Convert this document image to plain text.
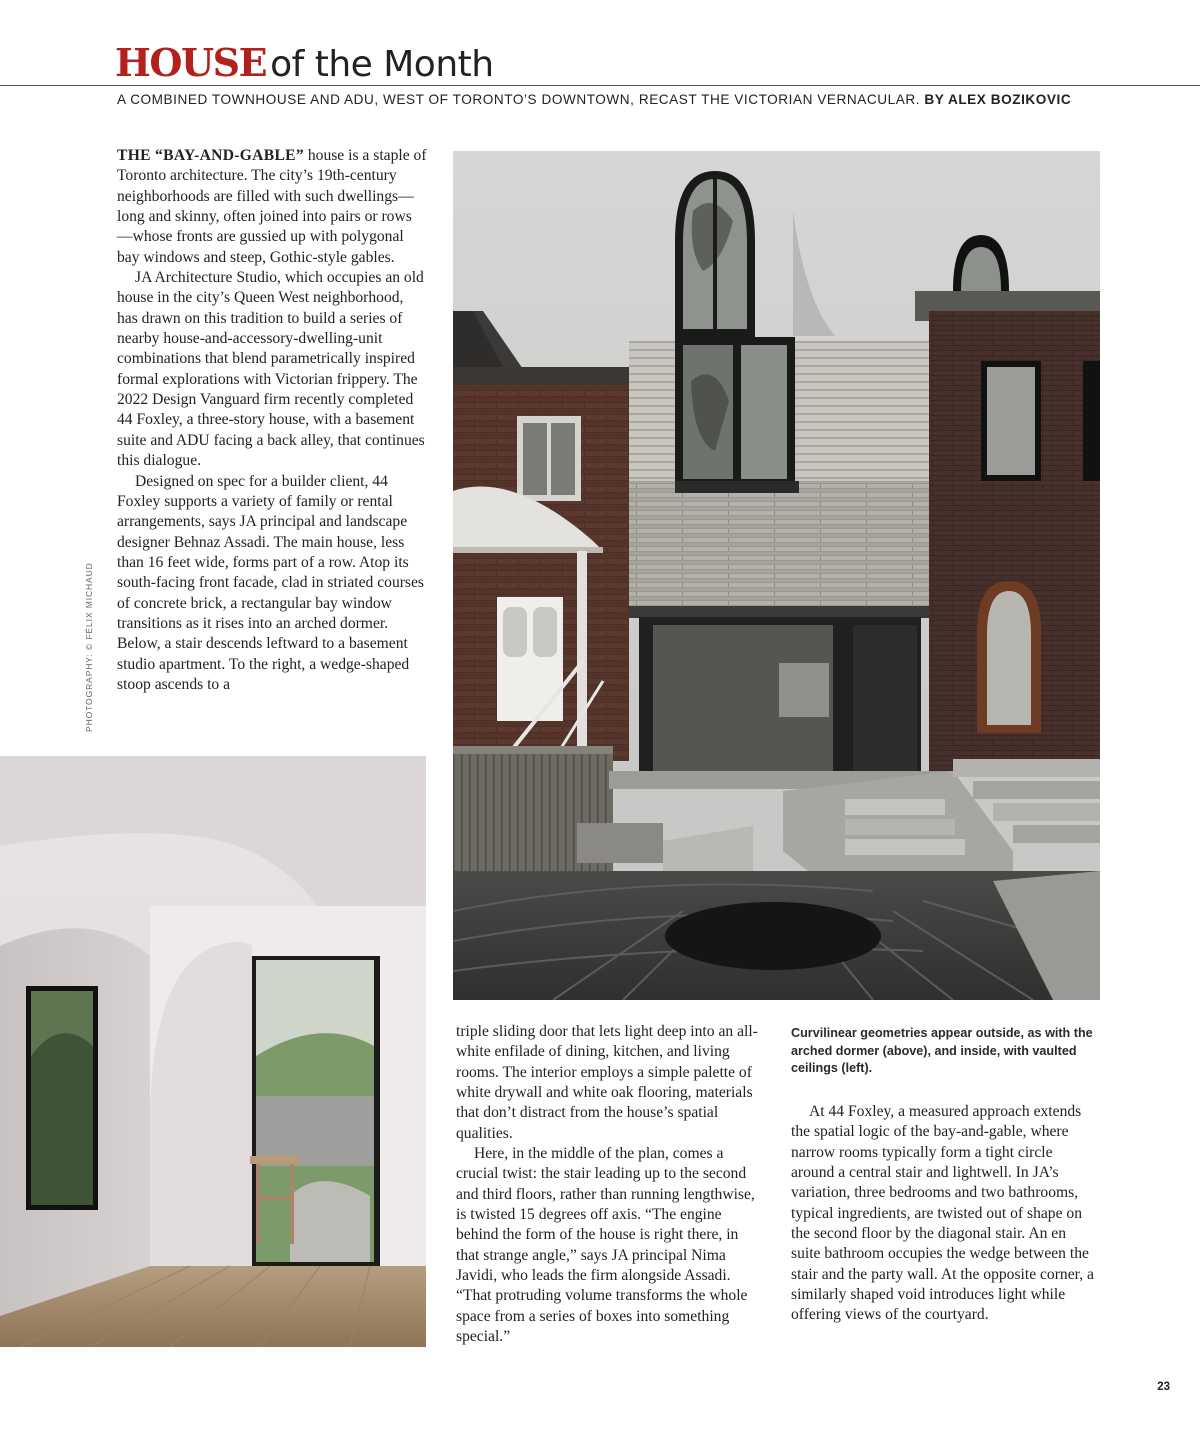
HOUSE of the Month
A COMBINED TOWNHOUSE AND ADU, WEST OF TORONTO’S DOWNTOWN, RECAST THE VICTORIAN VERNACULAR. BY ALEX BOZIKOVIC

THE “BAY-AND-GABLE” house is a staple of Toronto architecture. The city’s 19th-century neighborhoods are filled with such dwellings—long and skinny, often joined into pairs or rows—whose fronts are gussied up with polygonal bay windows and steep, Gothic-style gables.

JA Architecture Studio, which occupies an old house in the city’s Queen West neighborhood, has drawn on this tradition to build a series of nearby house-and-accessory-dwelling-unit combinations that blend parametrically inspired formal explorations with Victorian frippery. The 2022 Design Vanguard firm recently completed 44 Foxley, a three-story house, with a basement suite and ADU facing a back alley, that continues this dialogue.

Designed on spec for a builder client, 44 Foxley supports a variety of family or rental arrangements, says JA principal and landscape designer Behnaz Assadi. The main house, less than 16 feet wide, forms part of a row. Atop its south-facing front facade, clad in striated courses of concrete brick, a rectangular bay window transitions as it rises into an arched dormer. Below, a stair descends leftward to a basement studio apartment. To the right, a wedge-shaped stoop ascends to a

PHOTOGRAPHY: © FÉLIX MICHAUD

triple sliding door that lets light deep into an all-white enfilade of dining, kitchen, and living rooms. The interior employs a simple palette of white drywall and white oak flooring, materials that don’t distract from the house’s spatial qualities.

Here, in the middle of the plan, comes a crucial twist: the stair leading up to the second and third floors, rather than running lengthwise, is twisted 15 degrees off axis. “The engine behind the form of the house is right there, in that strange angle,” says JA principal Nima Javidi, who leads the firm alongside Assadi. “That protruding volume transforms the whole space from a series of boxes into something special.”

Curvilinear geometries appear outside, as with the arched dormer (above), and inside, with vaulted ceilings (left).

At 44 Foxley, a measured approach extends the spatial logic of the bay-and-gable, where narrow rooms typically form a tight circle around a central stair and lightwell. In JA’s variation, three bedrooms and two bathrooms, typical ingredients, are twisted out of shape on the second floor by the diagonal stair. An en suite bathroom occupies the wedge between the stair and the party wall. At the opposite corner, a similarly shaped void introduces light while offering views of the courtyard.

23
